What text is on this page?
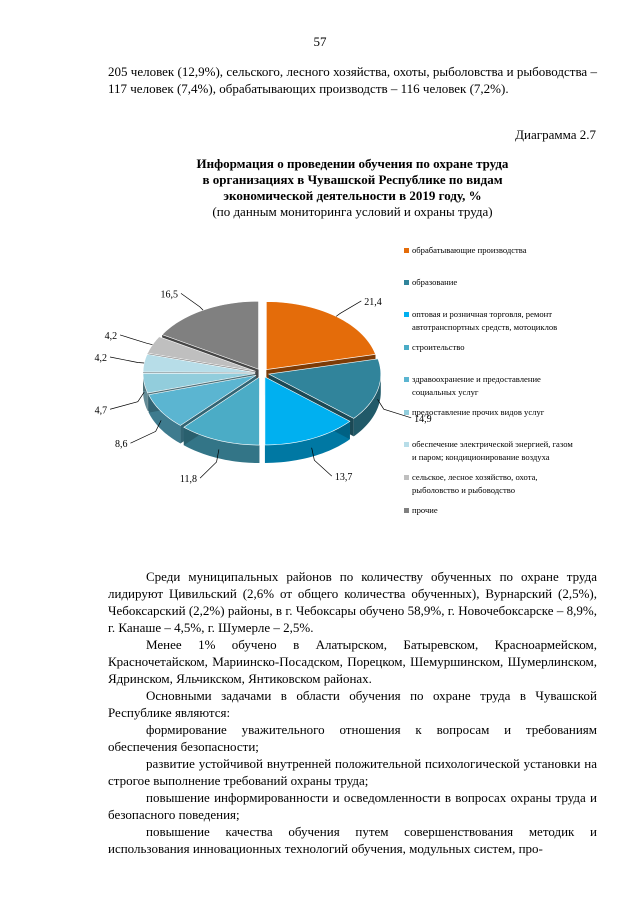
57
205 человек (12,9%), сельского, лесного хозяйства, охоты, рыболовства и рыбоводства – 117 человек (7,4%), обрабатывающих производств – 116 человек (7,2%).
Диаграмма 2.7
Информация о проведении обучения по охране труда
в организациях в Чувашской Республике по видам
экономической деятельности в 2019 году, %
(по данным мониторинга условий и охраны труда)
21,4
14,9
13,7
11,8
8,6
4,7
4,2
4,2
16,5
обрабатывающие производства
образование
оптовая и розничная торговля, ремонт
автотранспортных средств, мотоциклов
строительство
здравоохранение и предоставление
социальных услуг
предоставление прочих видов услуг
обеспечение электрической энергией, газом
и паром; кондиционирование воздуха
сельское, лесное хозяйство, охота,
рыболовство и рыбоводство
прочие
Среди муниципальных районов по количеству обученных по охране труда лидируют Цивильский (2,6% от общего количества обученных), Вурнарский (2,5%), Чебоксарский (2,2%) районы, в г. Чебоксары обучено 58,9%, г. Новочебоксарске – 8,9%, г. Канаше – 4,5%, г. Шумерле – 2,5%.
Менее 1% обучено в Алатырском, Батыревском, Красноармейском, Красночетайском, Мариинско-Посадском, Порецком, Шемуршинском, Шумерлинском, Ядринском, Яльчикском, Янтиковском районах.
Основными задачами в области обучения по охране труда в Чувашской Республике являются:
формирование уважительного отношения к вопросам и требованиям обеспечения безопасности;
развитие устойчивой внутренней положительной психологической установки на строгое выполнение требований охраны труда;
повышение информированности и осведомленности в вопросах охраны труда и безопасного поведения;
повышение качества обучения путем совершенствования методик и использования инновационных технологий обучения, модульных систем, про-
